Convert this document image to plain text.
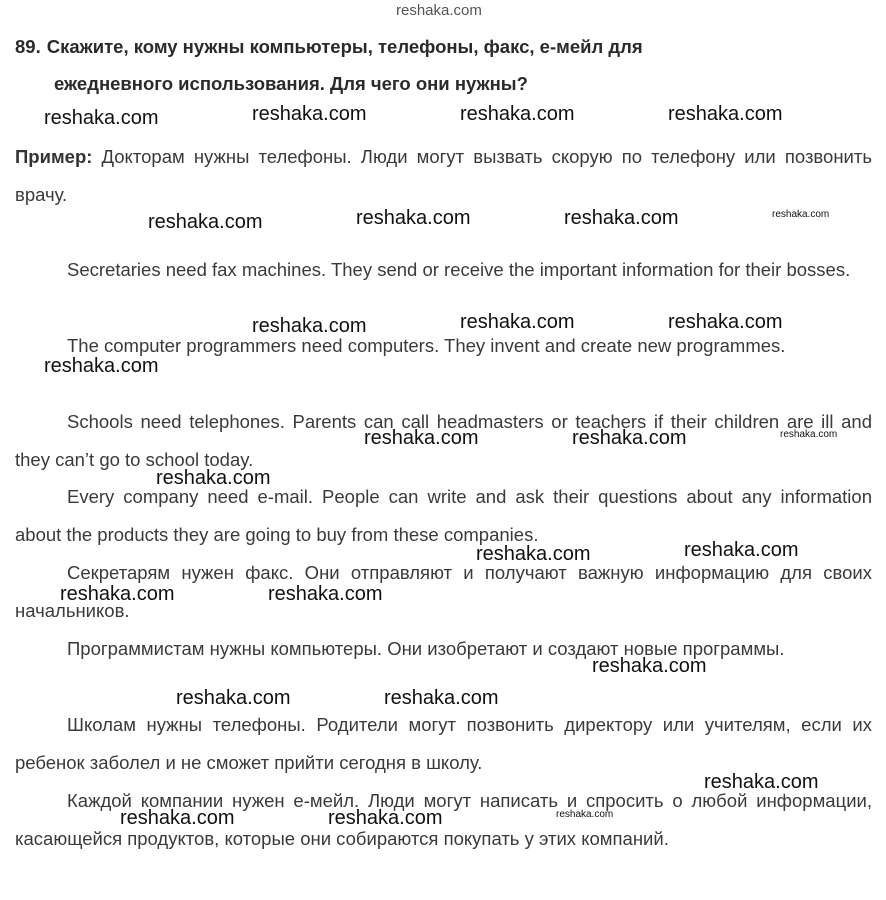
reshaka.com
89. Скажите, кому нужны компьютеры, телефоны, факс, е-мейл для
ежедневного использования. Для чего они нужны?
Пример: Докторам нужны телефоны. Люди могут вызвать скорую по телефону или позвонить врачу.
Secretaries need fax machines. They send or receive the important information for their bosses.
The computer programmers need computers. They invent and create new programmes.
Schools need telephones. Parents can call headmasters or teachers if their children are ill and they can’t go to school today.
Every company need e-mail. People can write and ask their questions about any information about the products they are going to buy from these companies.
Секретарям нужен факс. Они отправляют и получают важную информацию для своих начальников.
Программистам нужны компьютеры. Они изобретают и создают новые программы.
Школам нужны телефоны. Родители могут позвонить директору или учителям, если их ребенок заболел и не сможет прийти сегодня в школу.
Каждой компании нужен е-мейл. Люди могут написать и спросить о любой информации, касающейся продуктов, которые они собираются покупать у этих компаний.
reshaka.com	reshaka.com	reshaka.com	reshaka.com
reshaka.com	reshaka.com	reshaka.com	reshaka.com
reshaka.com	reshaka.com	reshaka.com
reshaka.com
reshaka.com	reshaka.com	reshaka.com
reshaka.com
reshaka.com	reshaka.com
reshaka.com	reshaka.com
reshaka.com
reshaka.com	reshaka.com
reshaka.com
reshaka.com	reshaka.com	reshaka.com
